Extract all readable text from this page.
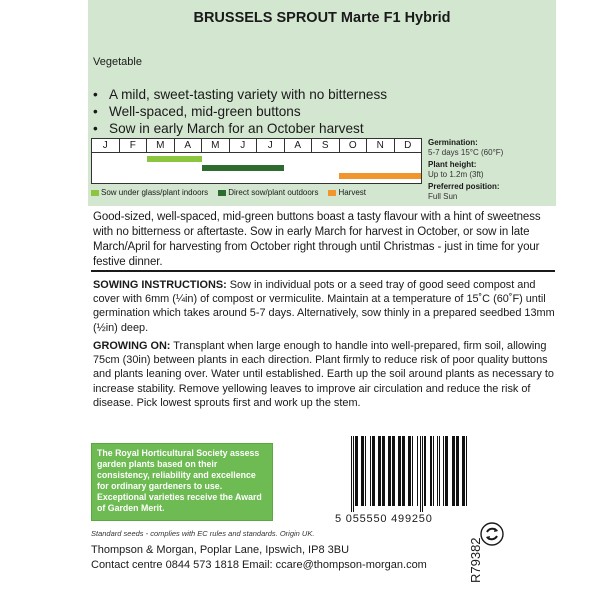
BRUSSELS SPROUT Marte F1 Hybrid
Vegetable
• A mild, sweet-tasting variety with no bitterness
• Well-spaced, mid-green buttons
• Sow in early March for an October harvest
J	F	M	A	M	J	J	A	S	O	N	D
Sow under glass/plant indoors	Direct sow/plant outdoors	Harvest
Germination:
5-7 days 15°C (60°F)
Plant height:
Up to 1.2m (3ft)
Preferred position:
Full Sun
Good-sized, well-spaced, mid-green buttons boast a tasty flavour with a hint of sweetness with no bitterness or aftertaste. Sow in early March for harvest in October, or sow in late March/April for harvesting from October right through until Christmas - just in time for your festive dinner.
SOWING INSTRUCTIONS: Sow in individual pots or a seed tray of good seed compost and cover with 6mm (¼in) of compost or vermiculite. Maintain at a temperature of 15˚C (60˚F) until germination which takes around 5-7 days. Alternatively, sow thinly in a prepared seedbed 13mm (½in) deep.
GROWING ON: Transplant when large enough to handle into well-prepared, firm soil, allowing 75cm (30in) between plants in each direction. Plant firmly to reduce risk of poor quality buttons and plants leaning over. Water until established. Earth up the soil around plants as necessary to increase stability. Remove yellowing leaves to improve air circulation and reduce the risk of disease. Pick lowest sprouts first and work up the stem.
The Royal Horticultural Society assess garden plants based on their consistency, reliability and excellence for ordinary gardeners to use. Exceptional varieties receive the Award of Garden Merit.
5 055550 499250
R79382
Standard seeds - complies with EC rules and standards. Origin UK.
Thompson & Morgan, Poplar Lane, Ipswich, IP8 3BU
Contact centre 0844 573 1818 Email: ccare@thompson-morgan.com
